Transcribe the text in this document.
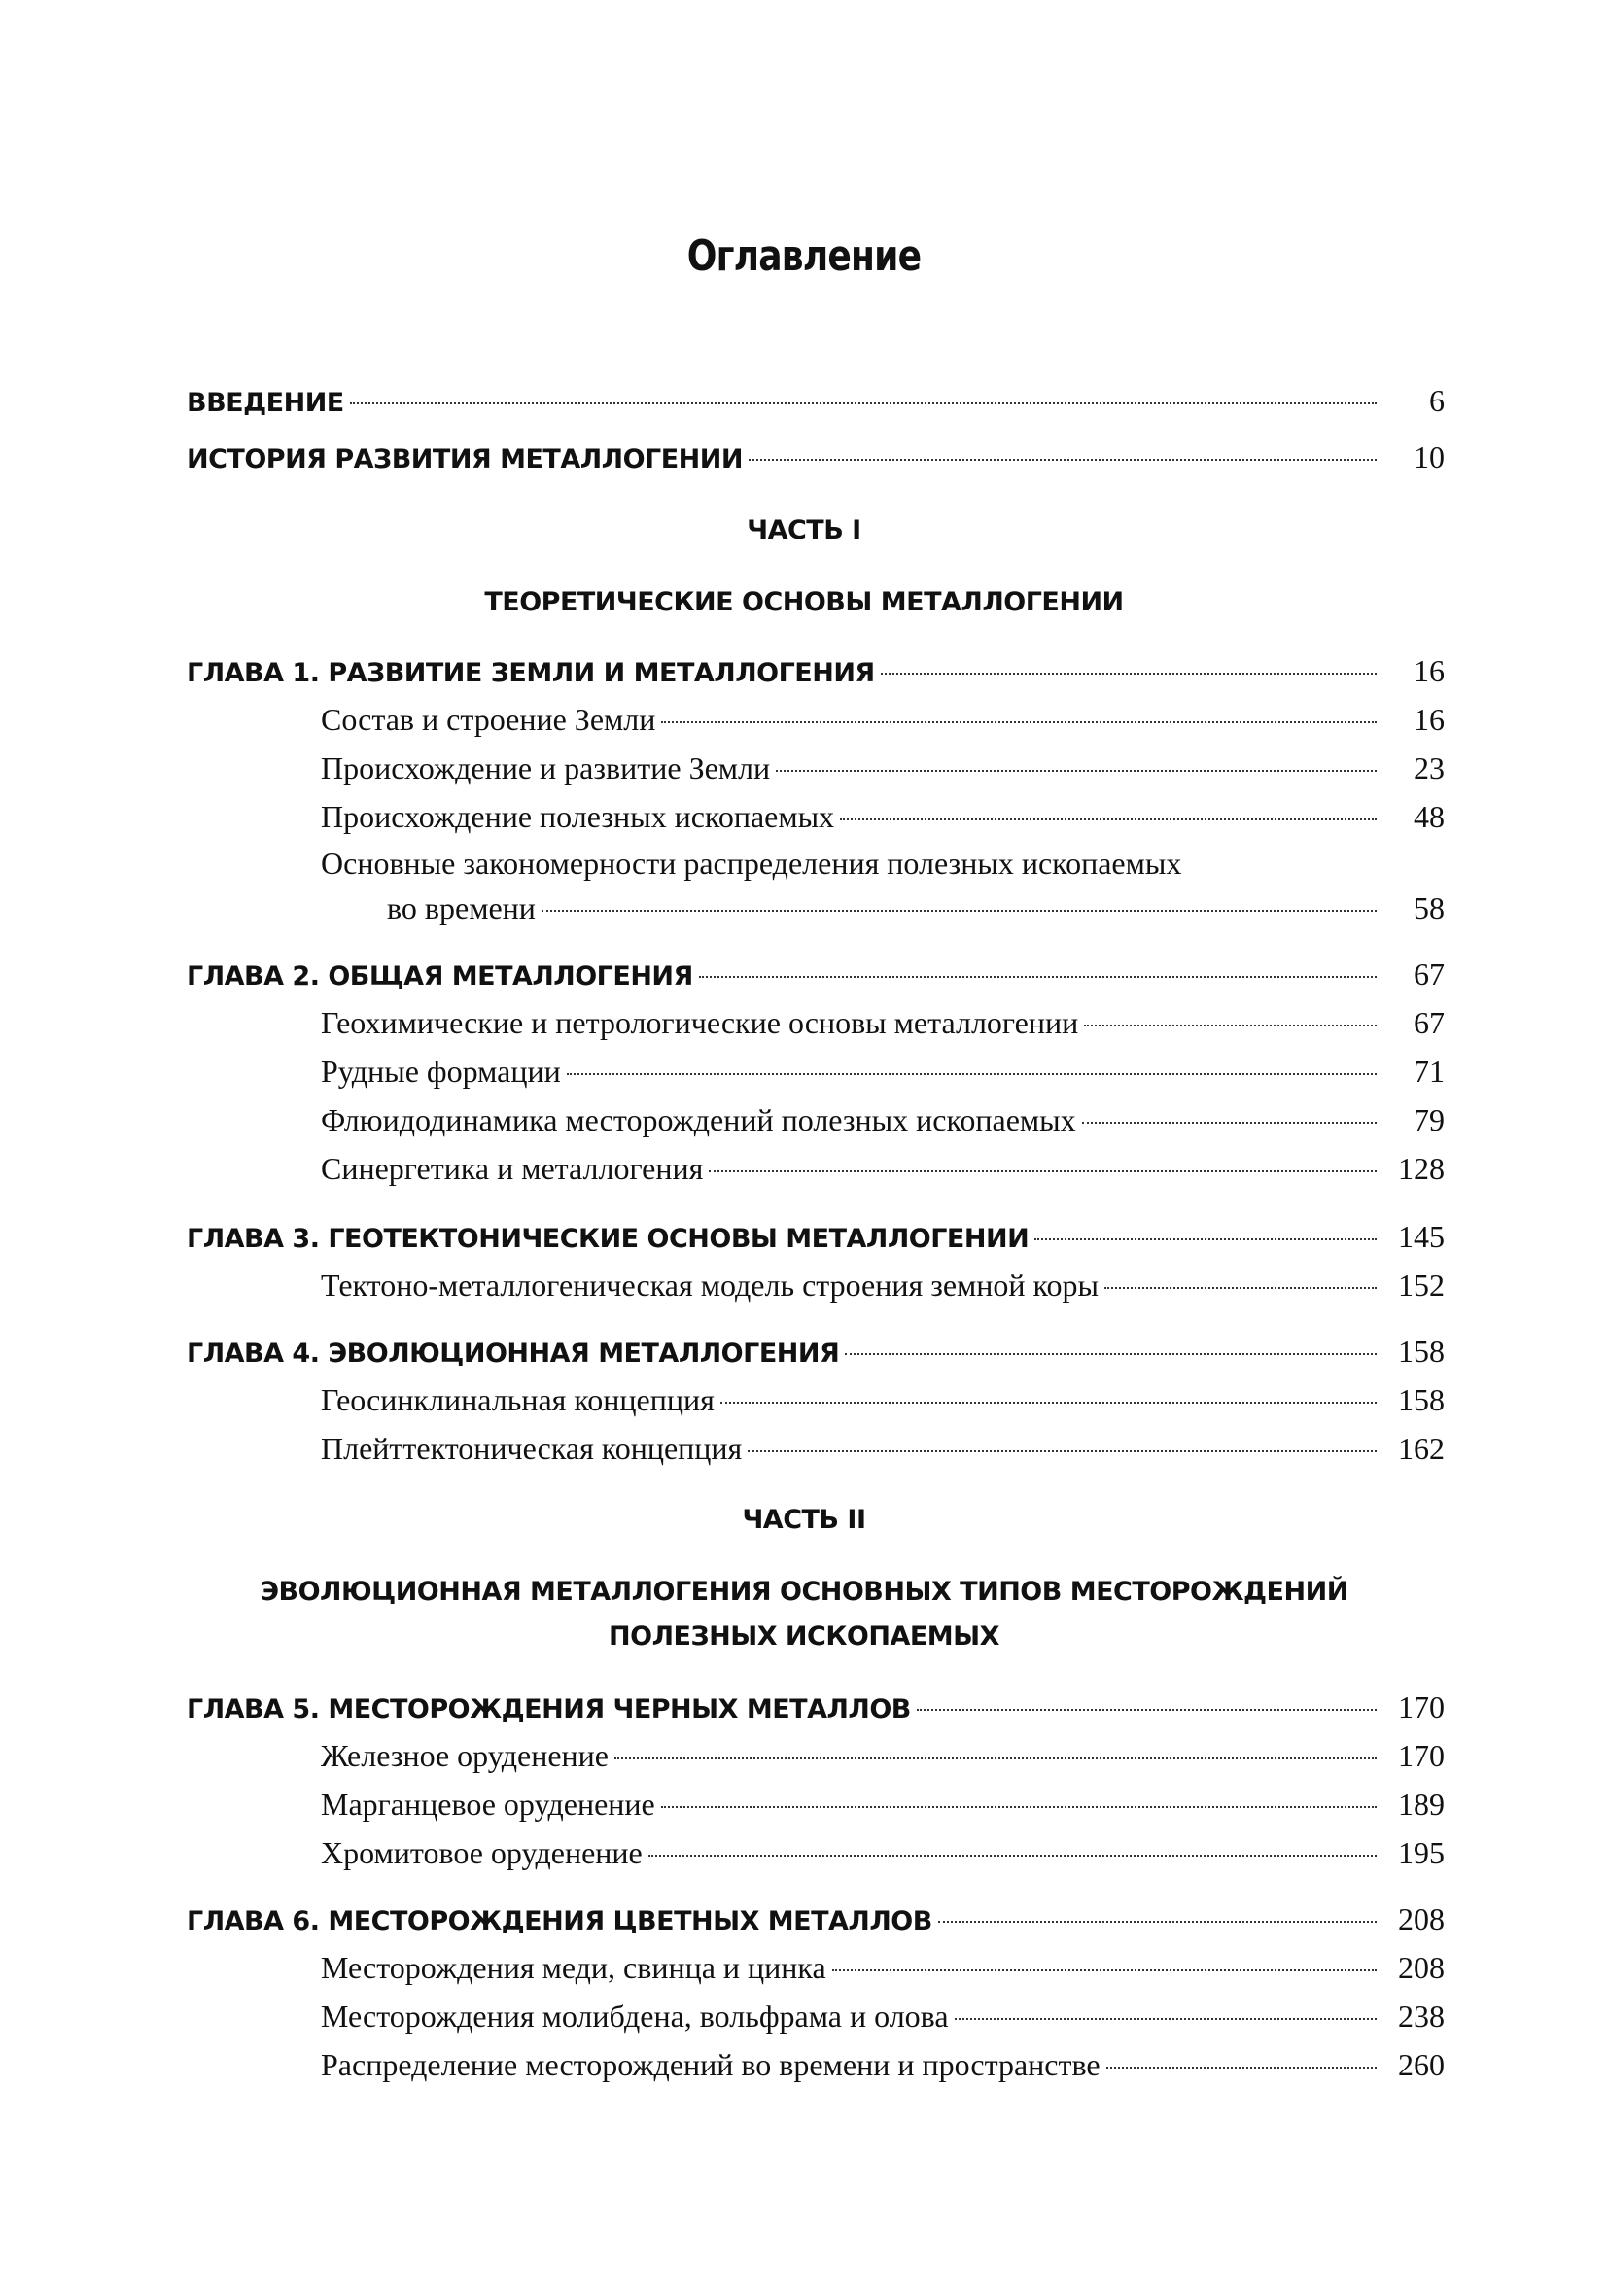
Оглавление
ВВЕДЕНИЕ	6
ИСТОРИЯ РАЗВИТИЯ МЕТАЛЛОГЕНИИ	10
ЧАСТЬ I
ТЕОРЕТИЧЕСКИЕ ОСНОВЫ МЕТАЛЛОГЕНИИ
ГЛАВА 1. РАЗВИТИЕ ЗЕМЛИ И МЕТАЛЛОГЕНИЯ	16
Состав и строение Земли	16
Происхождение и развитие Земли	23
Происхождение полезных ископаемых	48
Основные закономерности распределения полезных ископаемых
во времени	58
ГЛАВА 2. ОБЩАЯ МЕТАЛЛОГЕНИЯ	67
Геохимические и петрологические основы металлогении	67
Рудные формации	71
Флюидодинамика месторождений полезных ископаемых	79
Синергетика и металлогения	128
ГЛАВА 3. ГЕОТЕКТОНИЧЕСКИЕ ОСНОВЫ МЕТАЛЛОГЕНИИ	145
Тектоно-металлогеническая модель строения земной коры	152
ГЛАВА 4. ЭВОЛЮЦИОННАЯ МЕТАЛЛОГЕНИЯ	158
Геосинклинальная концепция	158
Плейттектоническая концепция	162
ЧАСТЬ II
ЭВОЛЮЦИОННАЯ МЕТАЛЛОГЕНИЯ ОСНОВНЫХ ТИПОВ МЕСТОРОЖДЕНИЙ
ПОЛЕЗНЫХ ИСКОПАЕМЫХ
ГЛАВА 5. МЕСТОРОЖДЕНИЯ ЧЕРНЫХ МЕТАЛЛОВ	170
Железное оруденение	170
Марганцевое оруденение	189
Хромитовое оруденение	195
ГЛАВА 6. МЕСТОРОЖДЕНИЯ ЦВЕТНЫХ МЕТАЛЛОВ	208
Месторождения меди, свинца и цинка	208
Месторождения молибдена, вольфрама и олова	238
Распределение месторождений во времени и пространстве	260
